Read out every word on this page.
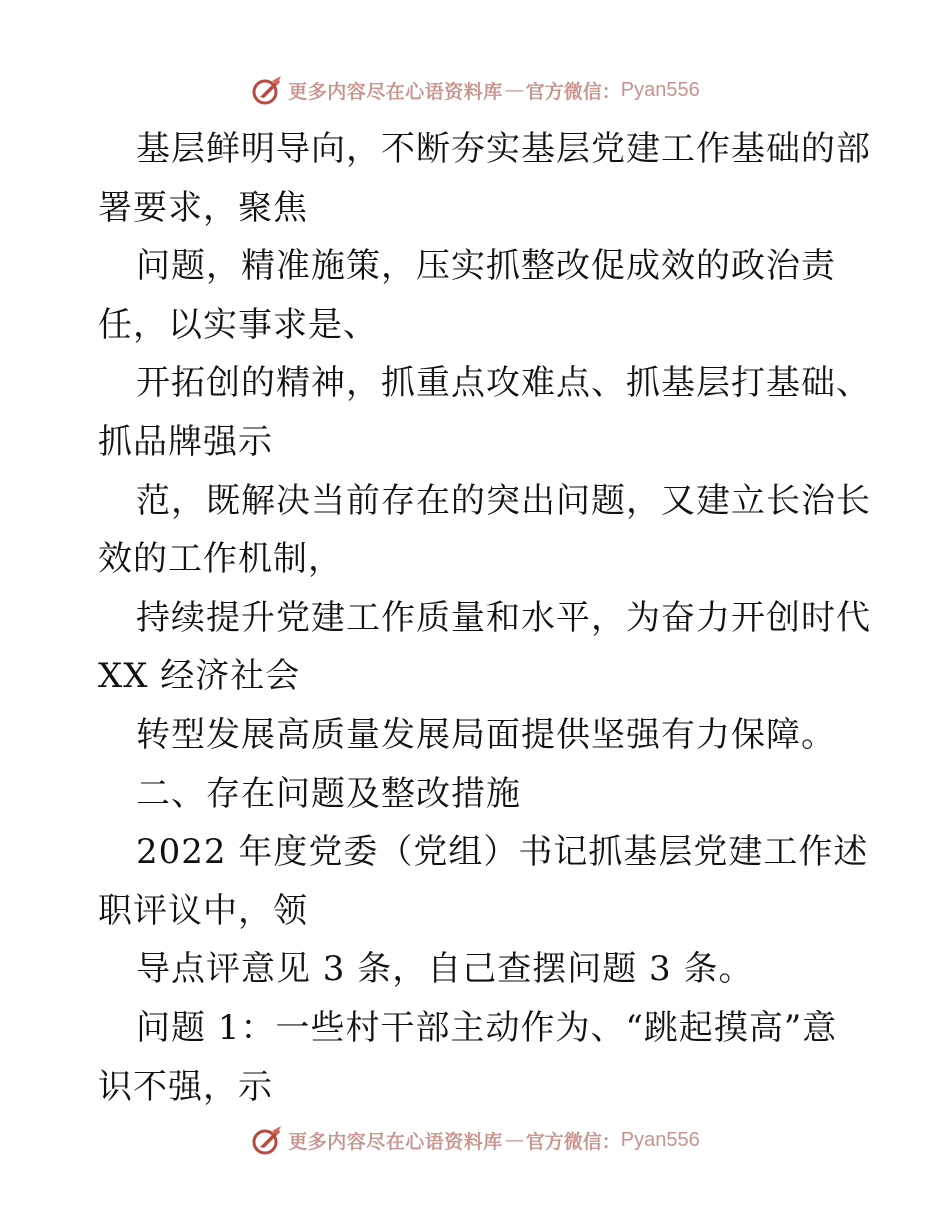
更多内容尽在心语资料库 — 官方微信： Pyan556
基层鲜明导向，不断夯实基层党建工作基础的部
署要求，聚焦
问题，精准施策，压实抓整改促成效的政治责
任，以实事求是、
开拓创的精神，抓重点攻难点、抓基层打基础、
抓品牌强示
范，既解决当前存在的突出问题，又建立长治长
效的工作机制，
持续提升党建工作质量和水平，为奋力开创时代
XX 经济社会
转型发展高质量发展局面提供坚强有力保障。
二、存在问题及整改措施
2022 年度党委（党组）书记抓基层党建工作述
职评议中，领
导点评意见 3 条，自己查摆问题 3 条。
问题 1：一些村干部主动作为、“跳起摸高”意
识不强，示
更多内容尽在心语资料库 — 官方微信： Pyan556
